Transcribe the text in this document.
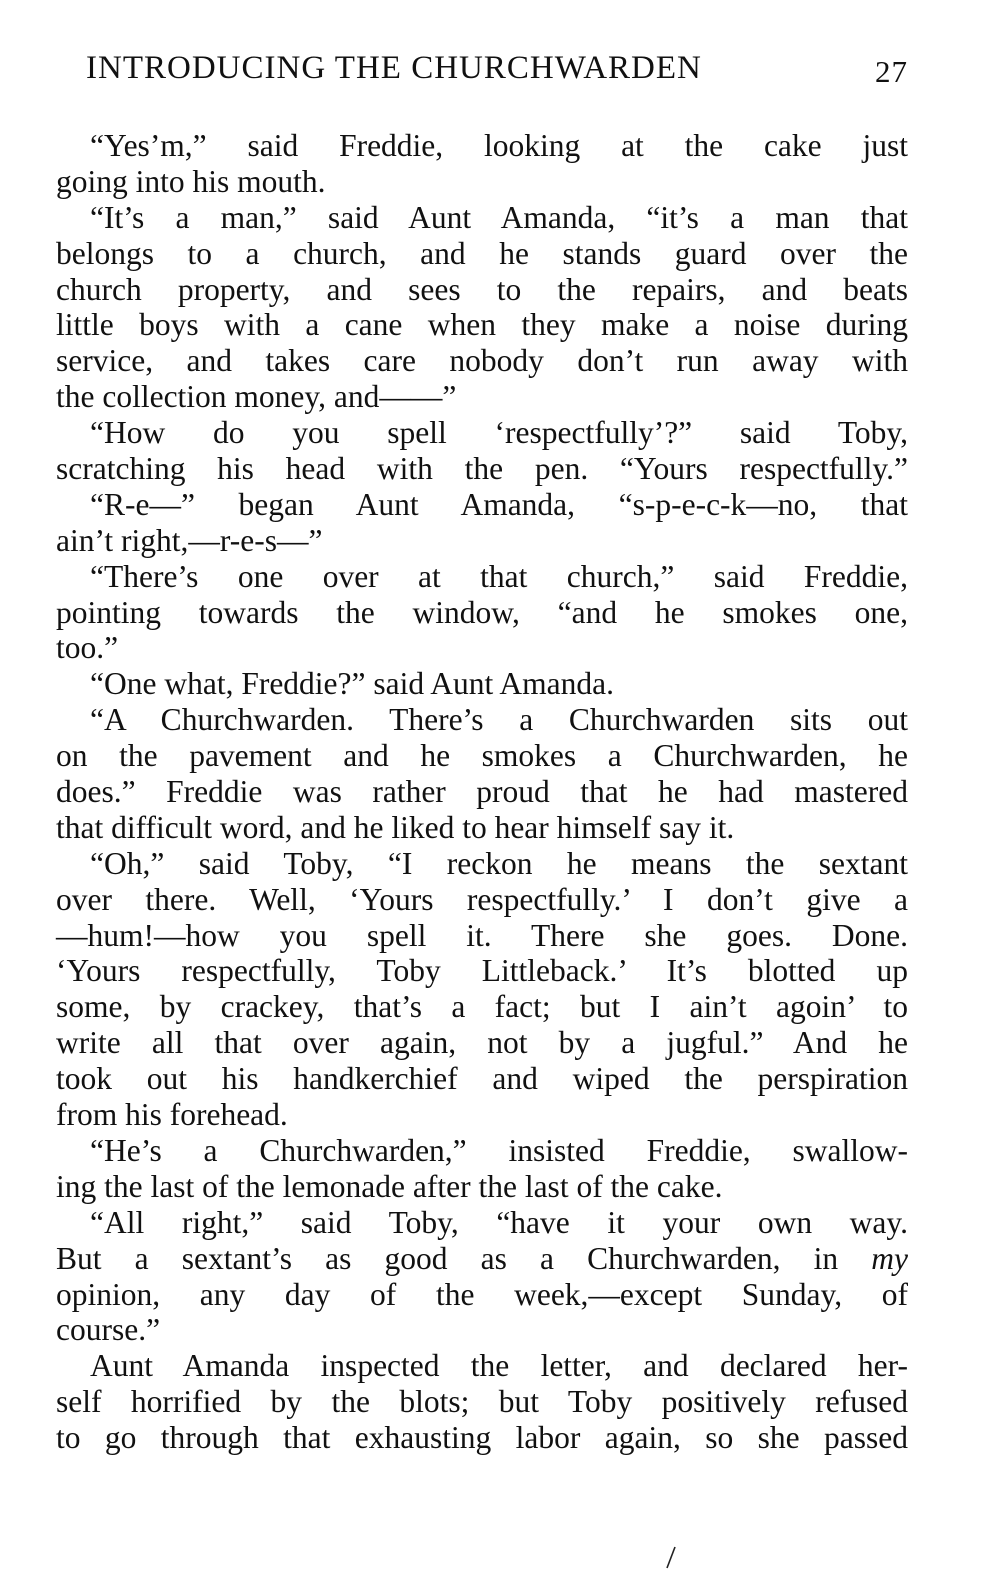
INTRODUCING THE CHURCHWARDEN	27
“Yes’m,” said Freddie, looking at the cake just
going into his mouth.
“It’s a man,” said Aunt Amanda, “it’s a man that
belongs to a church, and he stands guard over the
church property, and sees to the repairs, and beats
little boys with a cane when they make a noise during
service, and takes care nobody don’t run away with
the collection money, and——”
“How do you spell ‘respectfully’?” said Toby,
scratching his head with the pen. “Yours respectfully.”
“R-e—” began Aunt Amanda, “s-p-e-c-k—no, that
ain’t right,—r-e-s—”
“There’s one over at that church,” said Freddie,
pointing towards the window, “and he smokes one,
too.”
“One what, Freddie?” said Aunt Amanda.
“A Churchwarden. There’s a Churchwarden sits out
on the pavement and he smokes a Churchwarden, he
does.” Freddie was rather proud that he had mastered
that difficult word, and he liked to hear himself say it.
“Oh,” said Toby, “I reckon he means the sextant
over there. Well, ‘Yours respectfully.’ I don’t give a
—hum!—how you spell it. There she goes. Done.
‘Yours respectfully, Toby Littleback.’ It’s blotted up
some, by crackey, that’s a fact; but I ain’t agoin’ to
write all that over again, not by a jugful.” And he
took out his handkerchief and wiped the perspiration
from his forehead.
“He’s a Churchwarden,” insisted Freddie, swallow-
ing the last of the lemonade after the last of the cake.
“All right,” said Toby, “have it your own way.
But a sextant’s as good as a Churchwarden, in my
opinion, any day of the week,—except Sunday, of
course.”
Aunt Amanda inspected the letter, and declared her-
self horrified by the blots; but Toby positively refused
to go through that exhausting labor again, so she passed
